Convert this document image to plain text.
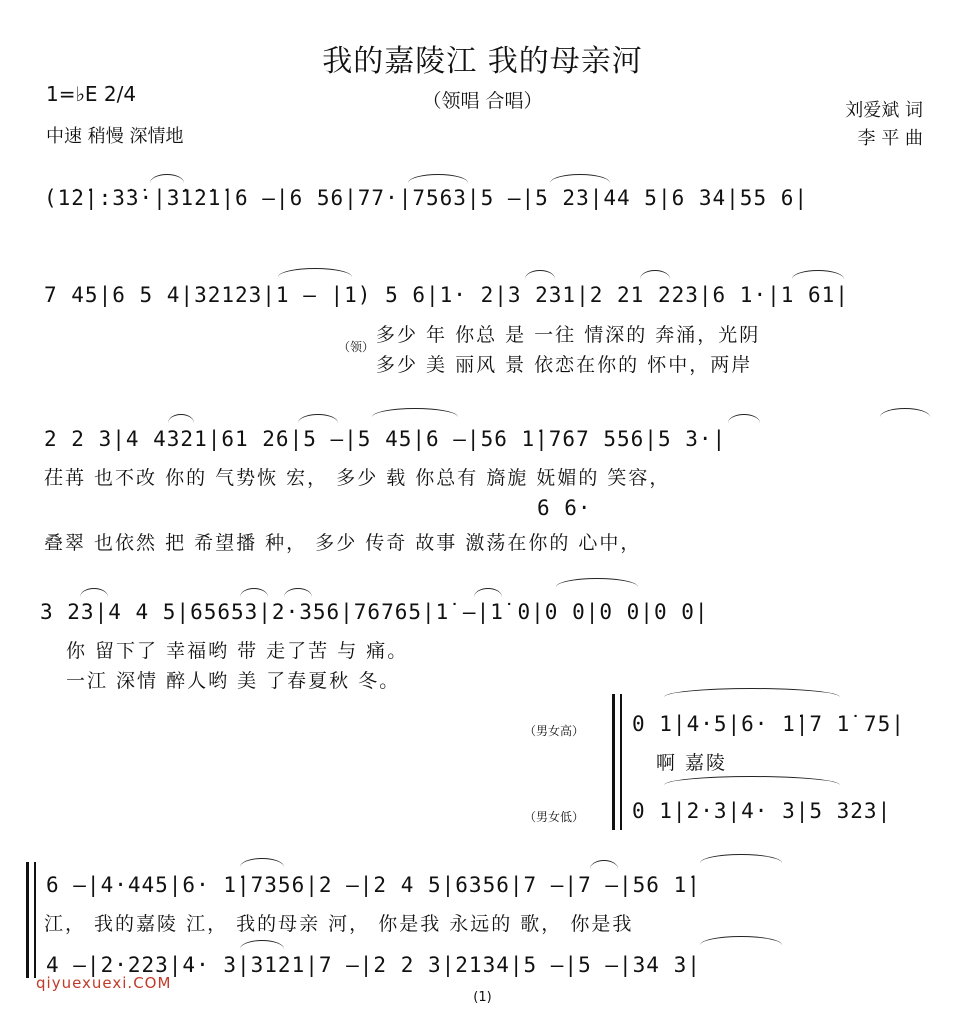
我的嘉陵江 我的母亲河
（领唱 合唱）
1=♭E 2/4
中速 稍慢 深情地
刘爱斌 词
李 平 曲
(1̇2̇|:3̇3̇·|3̇1̇2̇1̇|6 –|6 56|77·|7563|5 –|5 23|44 5|6 34|55 6|
7 45|6 5 4|32123|1 – |1) 5 6|1· 2|3 231|2 21 223|6 1·|1 61|
（领）
多少 年 你总 是 一往 情深的 奔涌，光阴
多少 美 丽风 景 依恋在你的 怀中，两岸
2 2 3|4 4321|61 26|5 –|5 45|6 –|56 1̇|767 556|5 3·|
茌苒 也不改 你的 气势恢 宏， 多少 载 你总有 旖旎 妩媚的 笑容，
6 6·
叠翠 也依然 把 希望播 种， 多少 传奇 故事 激荡在你的 心中，
3 23|4 4 5|65653|2·356|76765|1̇ –|1̇ 0|0 0|0 0|0 0|
你 留下了 幸福哟 带 走了苦 与 痛。
一江 深情 醉人哟 美 了春夏秋 冬。
（男女高） 0 1|4·5|6· 1̇|7 1̇ 75|
啊 嘉陵
（男女低） 0 1|2·3|4· 3|5 323|
6 –|4·445|6· 1̇|7356|2 –|2 4 5|6356|7 –|7 –|56 1̇|
江， 我的嘉陵 江， 我的母亲 河， 你是我 永远的 歌， 你是我
4 –|2·223|4· 3|3121|7 –|2 2 3|2134|5 –|5 –|34 3|
qiyuexuexi.COM
(1)
